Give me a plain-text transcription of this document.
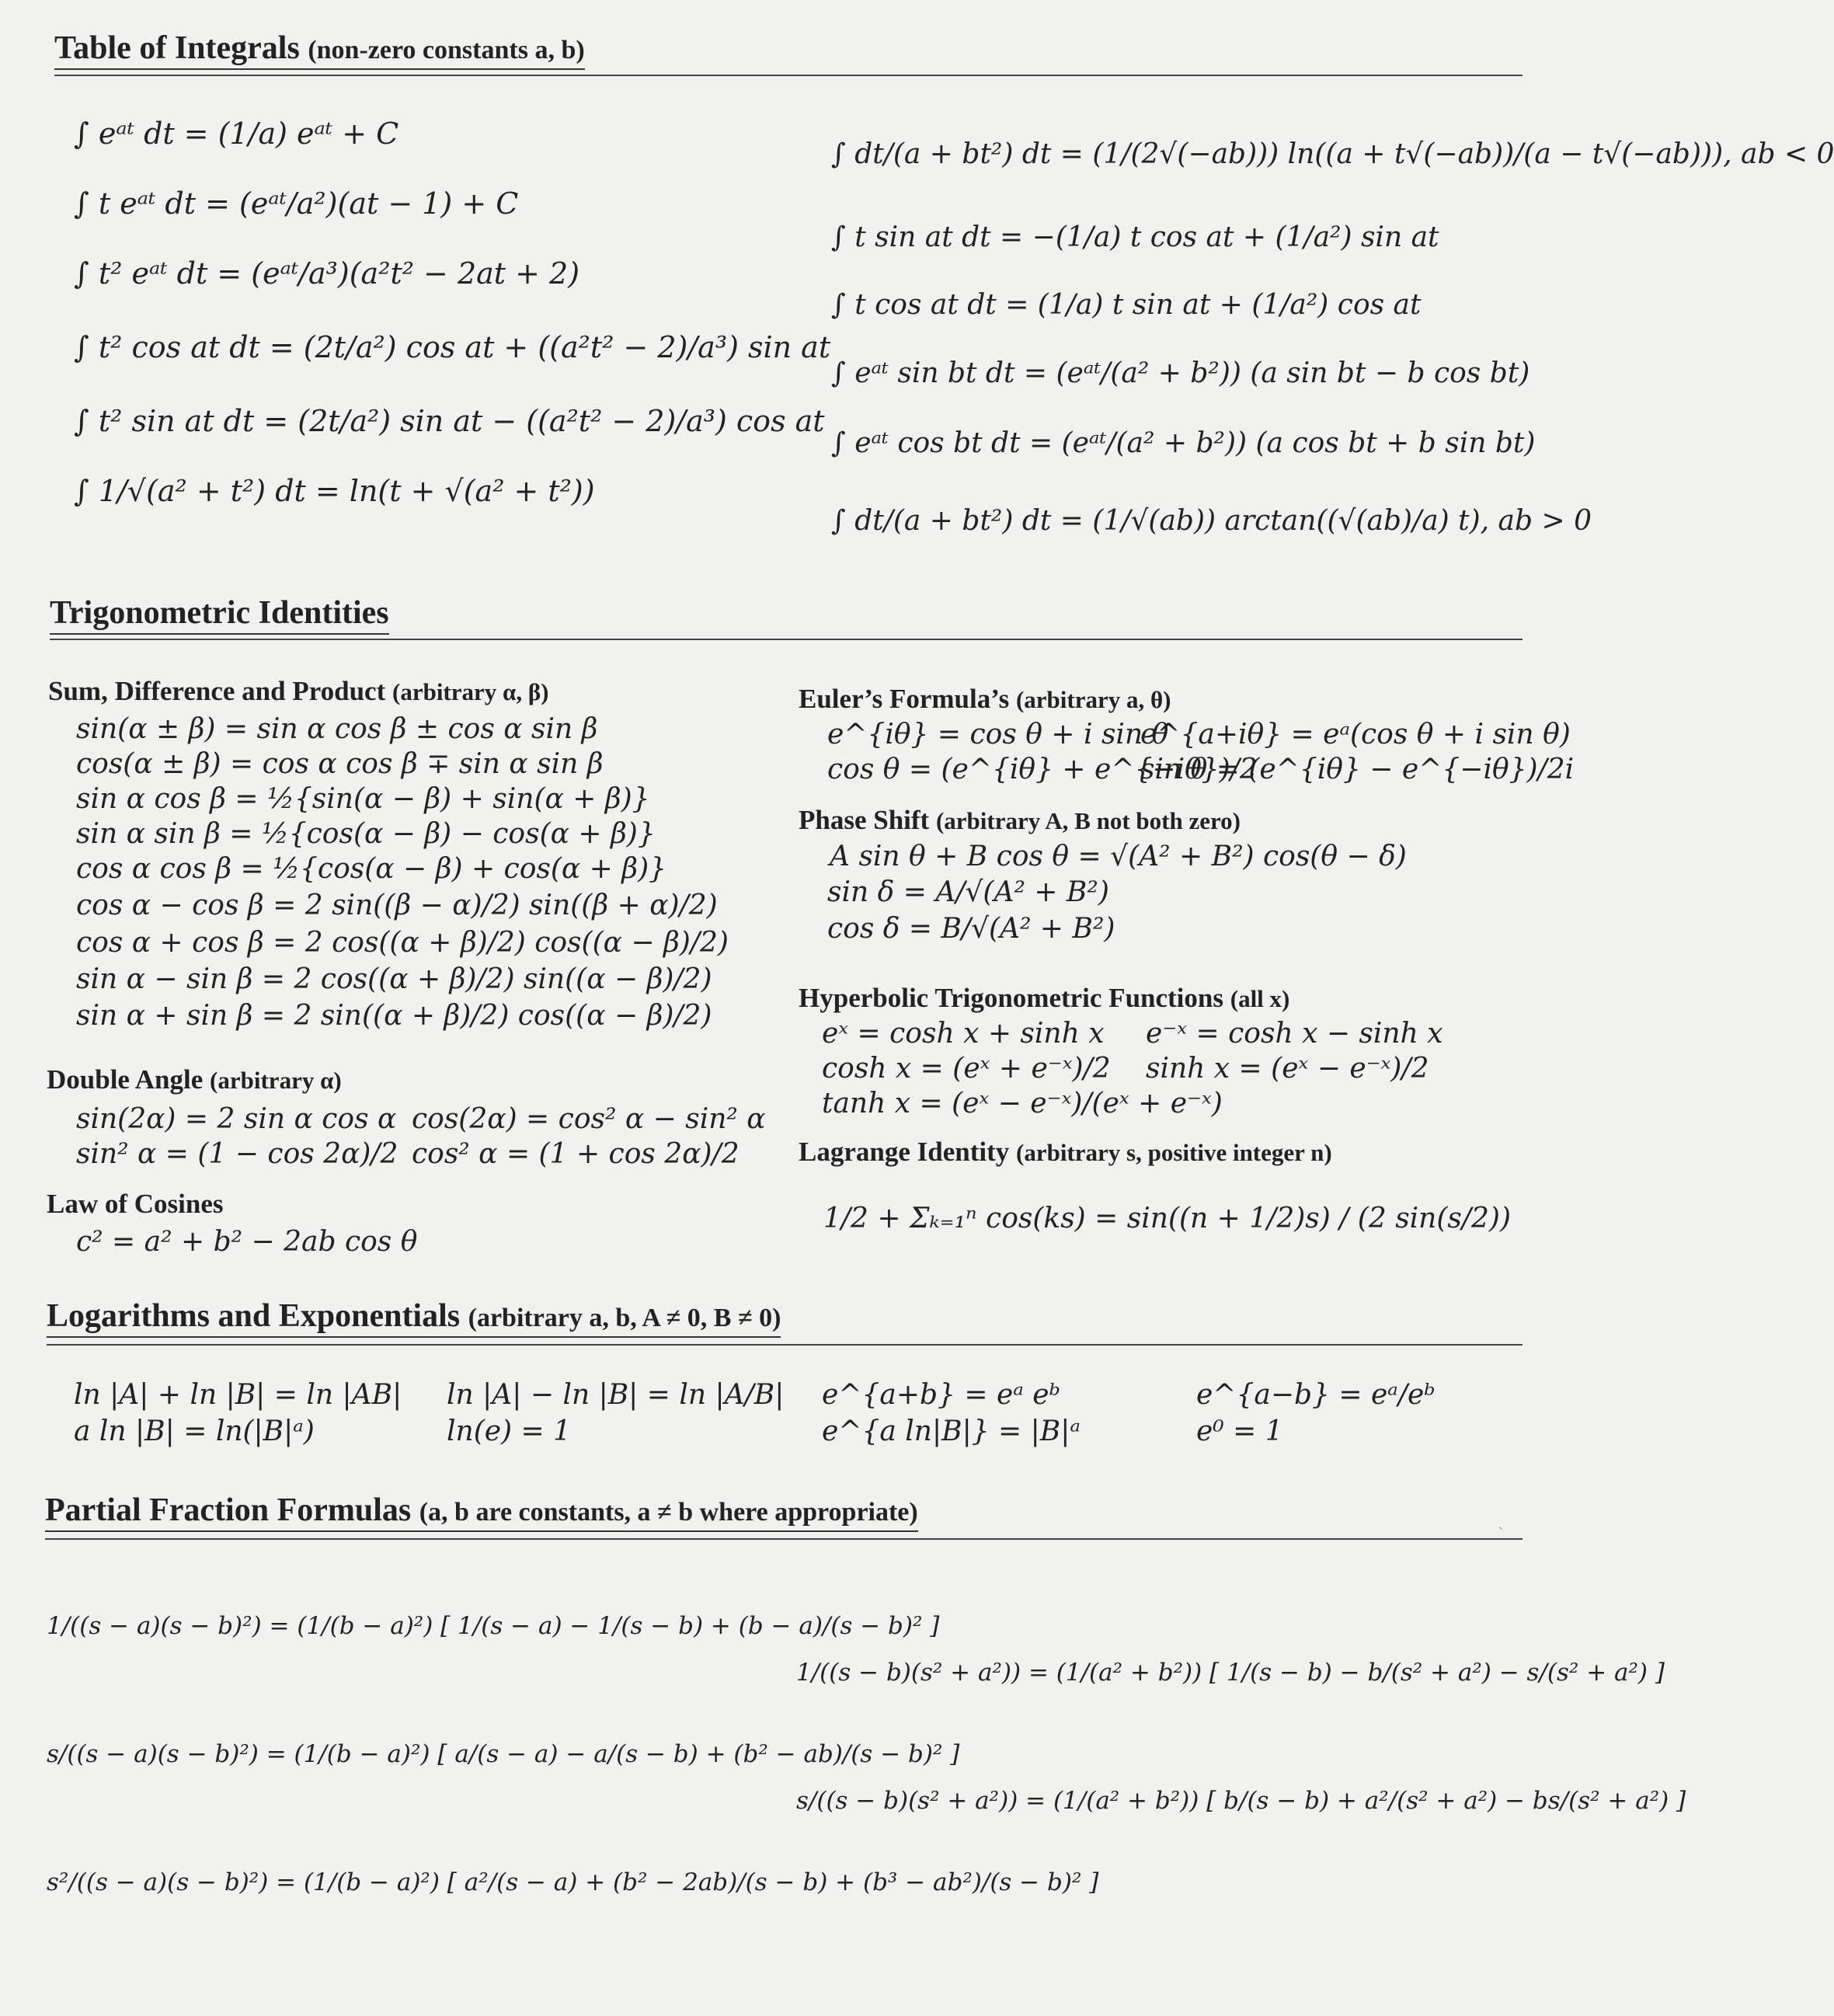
Table of Integrals (non-zero constants a, b)
∫ eᵃᵗ dt = (1/a) eᵃᵗ + C
∫ t eᵃᵗ dt = (eᵃᵗ/a²)(at − 1) + C
∫ t² eᵃᵗ dt = (eᵃᵗ/a³)(a²t² − 2at + 2)
∫ t² cos at dt = (2t/a²) cos at + ((a²t² − 2)/a³) sin at
∫ t² sin at dt = (2t/a²) sin at − ((a²t² − 2)/a³) cos at
∫ 1/√(a² + t²) dt = ln(t + √(a² + t²))
∫ dt/(a + bt²) dt = (1/(2√(−ab))) ln((a + t√(−ab))/(a − t√(−ab))), ab < 0
∫ t sin at dt = −(1/a) t cos at + (1/a²) sin at
∫ t cos at dt = (1/a) t sin at + (1/a²) cos at
∫ eᵃᵗ sin bt dt = (eᵃᵗ/(a² + b²)) (a sin bt − b cos bt)
∫ eᵃᵗ cos bt dt = (eᵃᵗ/(a² + b²)) (a cos bt + b sin bt)
∫ dt/(a + bt²) dt = (1/√(ab)) arctan((√(ab)/a) t), ab > 0
Trigonometric Identities
Sum, Difference and Product (arbitrary α, β)
sin(α ± β) = sin α cos β ± cos α sin β
cos(α ± β) = cos α cos β ∓ sin α sin β
sin α cos β = ½{sin(α − β) + sin(α + β)}
sin α sin β = ½{cos(α − β) − cos(α + β)}
cos α cos β = ½{cos(α − β) + cos(α + β)}
cos α − cos β = 2 sin((β − α)/2) sin((β + α)/2)
cos α + cos β = 2 cos((α + β)/2) cos((α − β)/2)
sin α − sin β = 2 cos((α + β)/2) sin((α − β)/2)
sin α + sin β = 2 sin((α + β)/2) cos((α − β)/2)
Double Angle (arbitrary α)
sin(2α) = 2 sin α cos α cos(2α) = cos² α − sin² α
sin² α = (1 − cos 2α)/2 cos² α = (1 + cos 2α)/2
Law of Cosines
c² = a² + b² − 2ab cos θ
Euler’s Formula’s (arbitrary a, θ)
e^{iθ} = cos θ + i sin θ
e^{a+iθ} = eᵃ(cos θ + i sin θ)
cos θ = (e^{iθ} + e^{−iθ})/2
sin θ = (e^{iθ} − e^{−iθ})/2i
Phase Shift (arbitrary A, B not both zero)
A sin θ + B cos θ = √(A² + B²) cos(θ − δ)
sin δ = A/√(A² + B²)
cos δ = B/√(A² + B²)
Hyperbolic Trigonometric Functions (all x)
eˣ = cosh x + sinh x e⁻ˣ = cosh x − sinh x
cosh x = (eˣ + e⁻ˣ)/2 sinh x = (eˣ − e⁻ˣ)/2
tanh x = (eˣ − e⁻ˣ)/(eˣ + e⁻ˣ)
Lagrange Identity (arbitrary s, positive integer n)
1/2 + Σₖ₌₁ⁿ cos(ks) = sin((n + 1/2)s) / (2 sin(s/2))
Logarithms and Exponentials (arbitrary a, b, A ≠ 0, B ≠ 0)
ln |A| + ln |B| = ln |AB|
a ln |B| = ln(|B|ᵃ)
ln |A| − ln |B| = ln |A/B|
ln(e) = 1
e^{a+b} = eᵃ eᵇ
e^{a ln|B|} = |B|ᵃ
e^{a−b} = eᵃ/eᵇ
e⁰ = 1
Partial Fraction Formulas (a, b are constants, a ≠ b where appropriate)	ˎ
1/((s − a)(s − b)²) = (1/(b − a)²) [ 1/(s − a) − 1/(s − b) + (b − a)/(s − b)² ]
s/((s − a)(s − b)²) = (1/(b − a)²) [ a/(s − a) − a/(s − b) + (b² − ab)/(s − b)² ]
s²/((s − a)(s − b)²) = (1/(b − a)²) [ a²/(s − a) + (b² − 2ab)/(s − b) + (b³ − ab²)/(s − b)² ]
1/((s − b)(s² + a²)) = (1/(a² + b²)) [ 1/(s − b) − b/(s² + a²) − s/(s² + a²) ]
s/((s − b)(s² + a²)) = (1/(a² + b²)) [ b/(s − b) + a²/(s² + a²) − bs/(s² + a²) ]
